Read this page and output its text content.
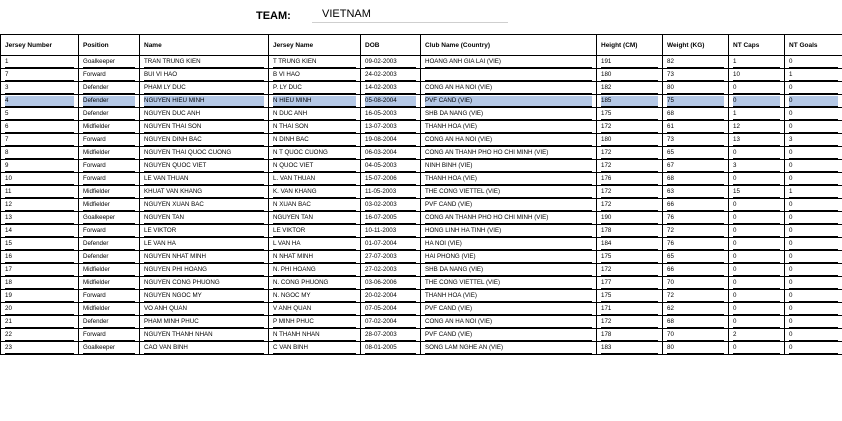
TEAM:	VIETNAM
Jersey Number	Position	Name	Jersey Name	DOB	Club Name (Country)	Height (CM)	Weight (KG)	NT Caps	NT Goals

1	Goalkeeper	TRAN TRUNG KIEN	T TRUNG KIEN	09-02-2003	HOANG ANH GIA LAI (VIE)	191	82	1	0

7	Forward	BUI VI HAO	B VI HAO	24-02-2003		180	73	10	1

3	Defender	PHAM LY DUC	P. LY DUC	14-02-2003	CONG AN HA NOI (VIE)	182	80	0	0

4	Defender	NGUYEN HIEU MINH	N HIEU MINH	05-08-2004	PVF CAND (VIE)	185	75	0	0

5	Defender	NGUYEN DUC ANH	N DUC ANH	16-05-2003	SHB DA NANG (VIE)	175	68	1	0

6	Midfielder	NGUYEN THAI SON	N THAI SON	13-07-2003	THANH HOA (VIE)	172	61	12	0

7	Forward	NGUYEN DINH BAC	N DINH BAC	19-08-2004	CONG AN HA NOI (VIE)	180	73	13	3

8	Midfielder	NGUYEN THAI QUOC CUONG	N T QUOC CUONG	06-03-2004	CONG AN THANH PHO HO CHI MINH (VIE)	172	65	0	0

9	Forward	NGUYEN QUOC VIET	N QUOC VIET	04-05-2003	NINH BINH (VIE)	172	67	3	0

10	Forward	LE VAN THUAN	L. VAN THUAN	15-07-2006	THANH HOA (VIE)	176	68	0	0

11	Midfielder	KHUAT VAN KHANG	K. VAN KHANG	11-05-2003	THE CONG VIETTEL (VIE)	172	63	15	1

12	Midfielder	NGUYEN XUAN BAC	N XUAN BAC	03-02-2003	PVF CAND (VIE)	172	66	0	0

13	Goalkeeper	NGUYEN TAN	NGUYEN TAN	16-07-2005	CONG AN THANH PHO HO CHI MINH (VIE)	190	76	0	0

14	Forward	LE VIKTOR	LE VIKTOR	10-11-2003	HONG LINH HA TINH (VIE)	178	72	0	0

15	Defender	LE VAN HA	L VAN HA	01-07-2004	HA NOI (VIE)	184	76	0	0

16	Defender	NGUYEN NHAT MINH	N NHAT MINH	27-07-2003	HAI PHONG (VIE)	175	65	0	0

17	Midfielder	NGUYEN PHI HOANG	N. PHI HOANG	27-02-2003	SHB DA NANG (VIE)	172	66	0	0

18	Midfielder	NGUYEN CONG PHUONG	N. CONG PHUONG	03-06-2006	THE CONG VIETTEL (VIE)	177	70	0	0

19	Forward	NGUYEN NGOC MY	N. NGOC MY	20-02-2004	THANH HOA (VIE)	175	72	0	0

20	Midfielder	VO ANH QUAN	V ANH QUAN	07-05-2004	PVF CAND (VIE)	171	62	0	0

21	Defender	PHAM MINH PHUC	P MINH PHUC	07-02-2004	CONG AN HA NOI (VIE)	172	68	0	0

22	Forward	NGUYEN THANH NHAN	N THANH NHAN	28-07-2003	PVF CAND (VIE)	178	70	2	0

23	Goalkeeper	CAO VAN BINH	C VAN BINH	08-01-2005	SONG LAM NGHE AN (VIE)	183	80	0	0
